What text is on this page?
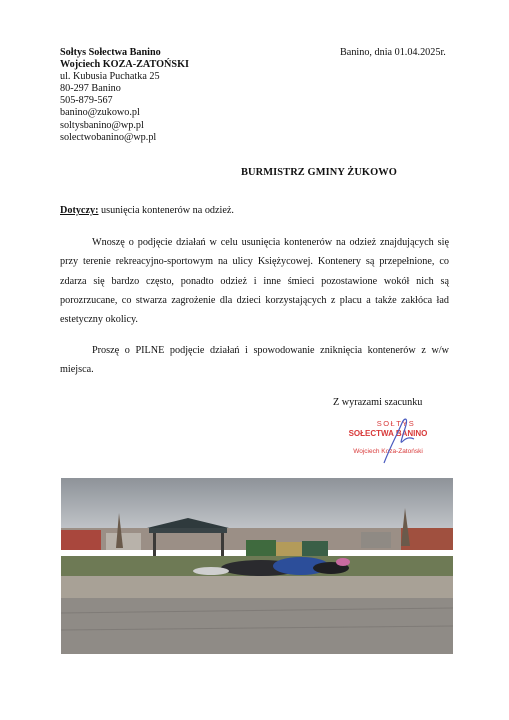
Sołtys Sołectwa Banino
Wojciech KOZA-ZATOŃSKI
ul. Kubusia Puchatka 25
80-297 Banino
505-879-567
banino@zukowo.pl
soltysbanino@wp.pl
solectwobanino@wp.pl
Banino, dnia 01.04.2025r.
BURMISTRZ GMINY ŻUKOWO
Dotyczy: usunięcia kontenerów na odzież.

Wnoszę o podjęcie działań w celu usunięcia kontenerów na odzież znajdujących się przy terenie rekreacyjno-sportowym na ulicy Księżycowej. Kontenery są przepełnione, co zdarza się bardzo często, ponadto odzież i inne śmieci pozostawione wokół nich są porozrzucane, co stwarza zagrożenie dla dzieci korzystających z placu a także zakłóca ład estetyczny okolicy.

Proszę o PILNE podjęcie działań i spowodowanie zniknięcia kontenerów z w/w miejsca.

Z wyrazami szacunku
SOŁTYS
SOŁECTWA BANINO
Wojciech Koza-Zatoński
